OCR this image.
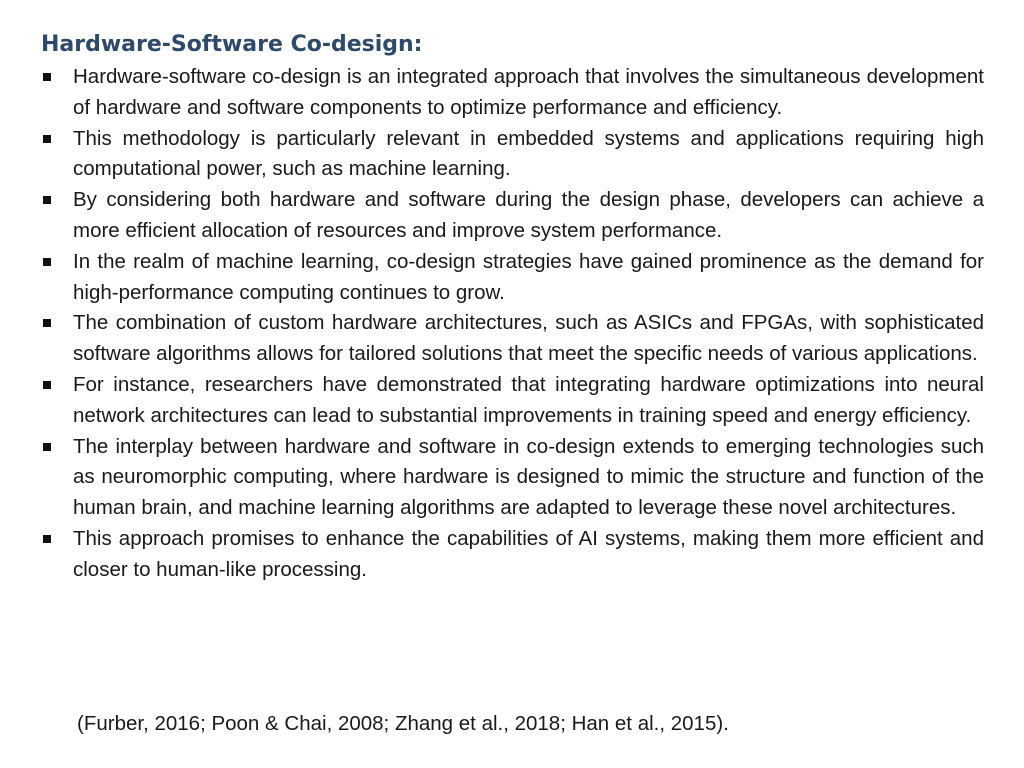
Hardware-Software Co-design:
Hardware-software co-design is an integrated approach that involves the simultaneous development of hardware and software components to optimize performance and efficiency.
This methodology is particularly relevant in embedded systems and applications requiring high computational power, such as machine learning.
By considering both hardware and software during the design phase, developers can achieve a more efficient allocation of resources and improve system performance.
In the realm of machine learning, co-design strategies have gained prominence as the demand for high-performance computing continues to grow.
The combination of custom hardware architectures, such as ASICs and FPGAs, with sophisticated software algorithms allows for tailored solutions that meet the specific needs of various applications.
For instance, researchers have demonstrated that integrating hardware optimizations into neural network architectures can lead to substantial improvements in training speed and energy efficiency.
The interplay between hardware and software in co-design extends to emerging technologies such as neuromorphic computing, where hardware is designed to mimic the structure and function of the human brain, and machine learning algorithms are adapted to leverage these novel architectures.
This approach promises to enhance the capabilities of AI systems, making them more efficient and closer to human-like processing.
(Furber, 2016; Poon & Chai, 2008; Zhang et al., 2018; Han et al., 2015).
